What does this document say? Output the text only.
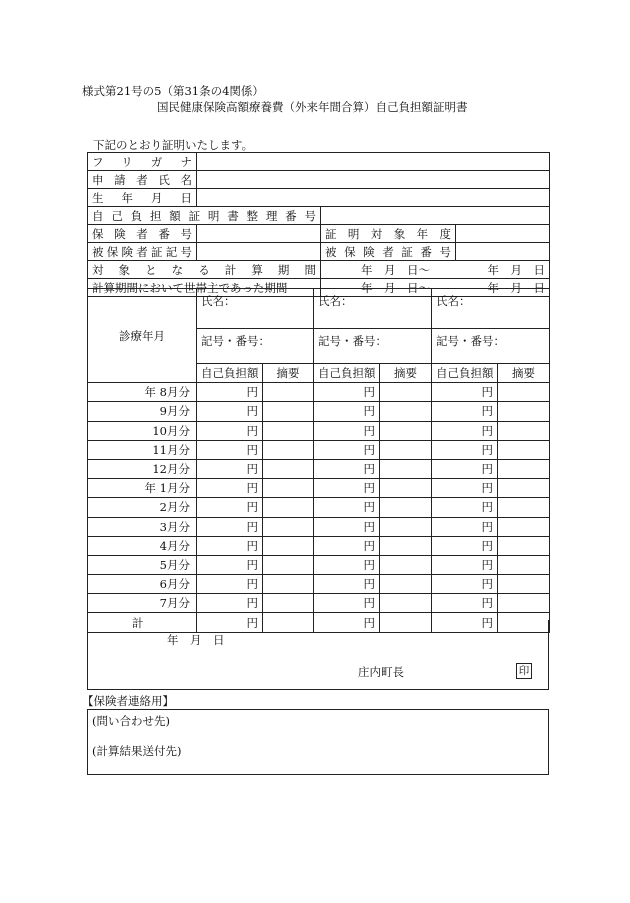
様式第21号の5（第31条の4関係）
国民健康保険高額療養費（外来年間合算）自己負担額証明書
下記のとおり証明いたします。
フリガナ			
申請者氏名			
生年月日			
自己負担額証明書整理番号			
保険者番号		証明対象年度	
被保険者証記号		被保険者証番号	
対象となる計算期間		年　月　日～　　　　　年　月　日	
計算期間において世帯主であった期間		年　月　日～　　　　　年　月　日	
診療年月	氏名：		氏名：		氏名：	
	記号・番号：		記号・番号：		記号・番号：	
	自己負担額	摘要	自己負担額	摘要	自己負担額	摘要
年 8月分	円		円		円	
9月分	円		円		円	
10月分	円		円		円	
11月分	円		円		円	
12月分	円		円		円	
年 1月分	円		円		円	
2月分	円		円		円	
3月分	円		円		円	
4月分	円		円		円	
5月分	円		円		円	
6月分	円		円		円	
7月分	円		円		円	
計	円		円		円	
年　月　日
庄内町長	印
【保険者連絡用】
(問い合わせ先)
(計算結果送付先)
